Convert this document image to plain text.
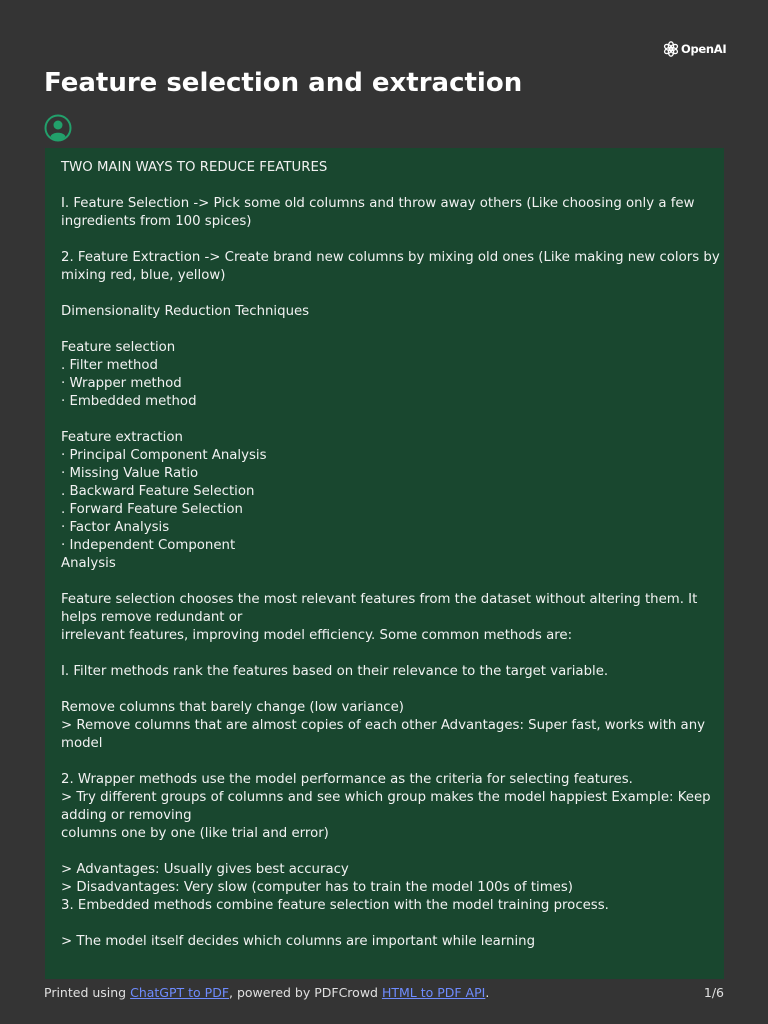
OpenAI
Feature selection and extraction
TWO MAIN WAYS TO REDUCE FEATURES
I. Feature Selection -> Pick some old columns and throw away others (Like choosing only a few
ingredients from 100 spices)
2. Feature Extraction -> Create brand new columns by mixing old ones (Like making new colors by
mixing red, blue, yellow)
Dimensionality Reduction Techniques
Feature selection
. Filter method
· Wrapper method
· Embedded method
Feature extraction
· Principal Component Analysis
· Missing Value Ratio
. Backward Feature Selection
. Forward Feature Selection
· Factor Analysis
· Independent Component
Analysis
Feature selection chooses the most relevant features from the dataset without altering them. It
helps remove redundant or
irrelevant features, improving model efficiency. Some common methods are:
I. Filter methods rank the features based on their relevance to the target variable.
Remove columns that barely change (low variance)
> Remove columns that are almost copies of each other Advantages: Super fast, works with any
model
2. Wrapper methods use the model performance as the criteria for selecting features.
> Try different groups of columns and see which group makes the model happiest Example: Keep
adding or removing
columns one by one (like trial and error)
> Advantages: Usually gives best accuracy
> Disadvantages: Very slow (computer has to train the model 100s of times)
3. Embedded methods combine feature selection with the model training process.
> The model itself decides which columns are important while learning
Printed using ChatGPT to PDF, powered by PDFCrowd HTML to PDF API.	1/6
